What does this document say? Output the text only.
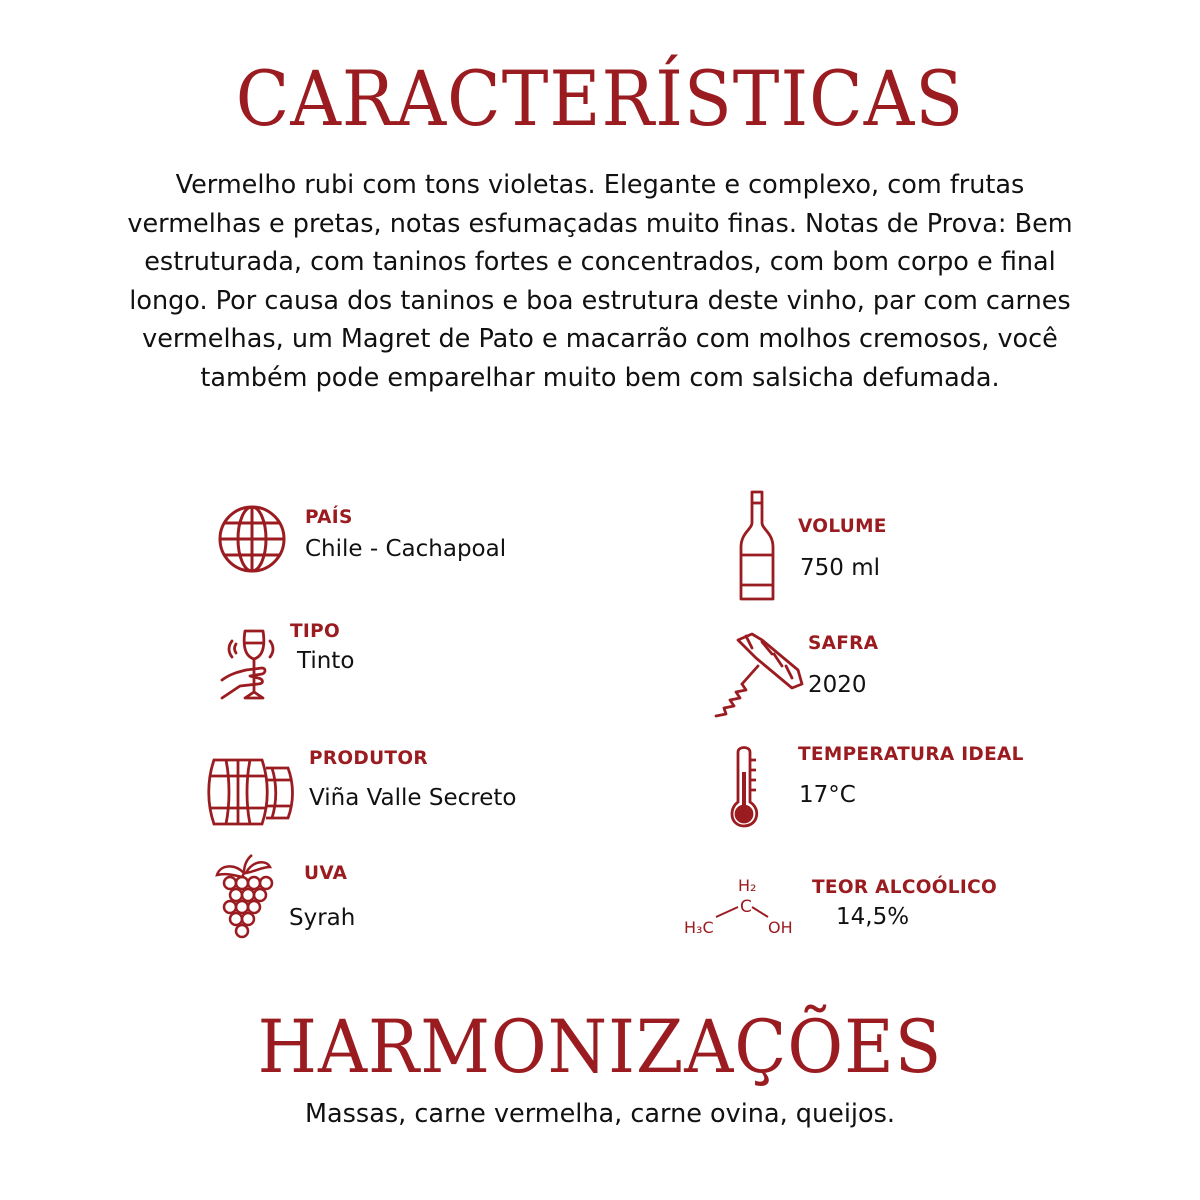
CARACTERÍSTICAS

Vermelho rubi com tons violetas. Elegante e complexo, com frutas vermelhas e pretas, notas esfumaçadas muito finas. Notas de Prova: Bem estruturada, com taninos fortes e concentrados, com bom corpo e final longo. Por causa dos taninos e boa estrutura deste vinho, par com carnes vermelhas, um Magret de Pato e macarrão com molhos cremosos, você também pode emparelhar muito bem com salsicha defumada.

PAÍS
Chile - Cachapoal
TIPO
Tinto
PRODUTOR
Viña Valle Secreto
UVA
Syrah
VOLUME
750 ml
SAFRA
2020
TEMPERATURA IDEAL
17°C
H₂
C
H₃C	OH
TEOR ALCOÓLICO
14,5%
HARMONIZAÇÕES

Massas, carne vermelha, carne ovina, queijos.
